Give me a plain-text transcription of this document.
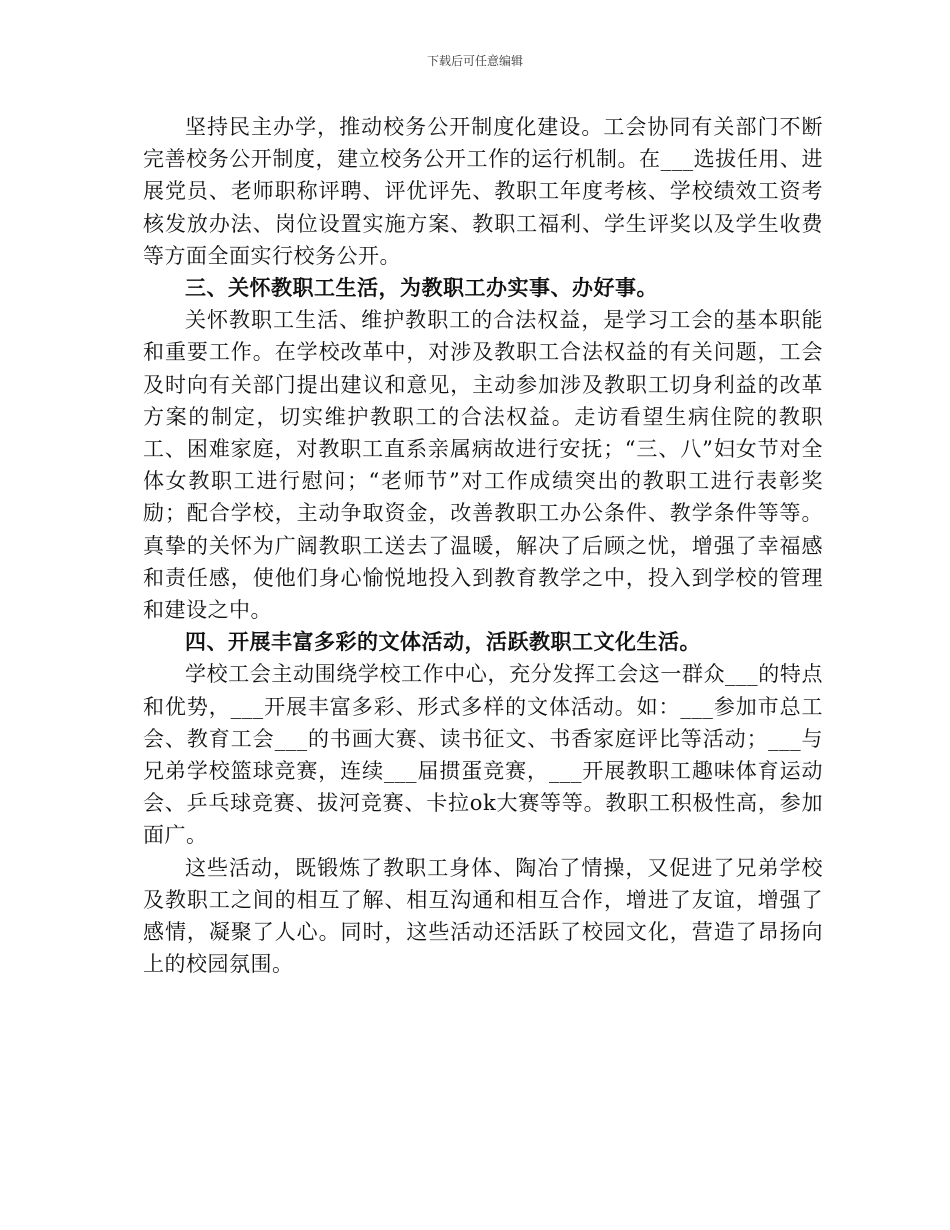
下载后可任意编辑

坚持民主办学，推动校务公开制度化建设。工会协同有关部门不断完善校务公开制度，建立校务公开工作的运行机制。在___选拔任用、进展党员、老师职称评聘、评优评先、教职工年度考核、学校绩效工资考核发放办法、岗位设置实施方案、教职工福利、学生评奖以及学生收费等方面全面实行校务公开。

三、关怀教职工生活，为教职工办实事、办好事。

关怀教职工生活、维护教职工的合法权益，是学习工会的基本职能和重要工作。在学校改革中，对涉及教职工合法权益的有关问题，工会及时向有关部门提出建议和意见，主动参加涉及教职工切身利益的改革方案的制定，切实维护教职工的合法权益。走访看望生病住院的教职工、困难家庭，对教职工直系亲属病故进行安抚；“三、八”妇女节对全体女教职工进行慰问；“老师节”对工作成绩突出的教职工进行表彰奖励；配合学校，主动争取资金，改善教职工办公条件、教学条件等等。真挚的关怀为广阔教职工送去了温暖，解决了后顾之忧，增强了幸福感和责任感，使他们身心愉悦地投入到教育教学之中，投入到学校的管理和建设之中。

四、开展丰富多彩的文体活动，活跃教职工文化生活。

学校工会主动围绕学校工作中心，充分发挥工会这一群众___的特点和优势，___开展丰富多彩、形式多样的文体活动。如：___参加市总工会、教育工会___的书画大赛、读书征文、书香家庭评比等活动；___与兄弟学校篮球竞赛，连续___届掼蛋竞赛，___开展教职工趣味体育运动会、乒乓球竞赛、拔河竞赛、卡拉ok大赛等等。教职工积极性高，参加面广。

这些活动，既锻炼了教职工身体、陶冶了情操，又促进了兄弟学校及教职工之间的相互了解、相互沟通和相互合作，增进了友谊，增强了感情，凝聚了人心。同时，这些活动还活跃了校园文化，营造了昂扬向上的校园氛围。
